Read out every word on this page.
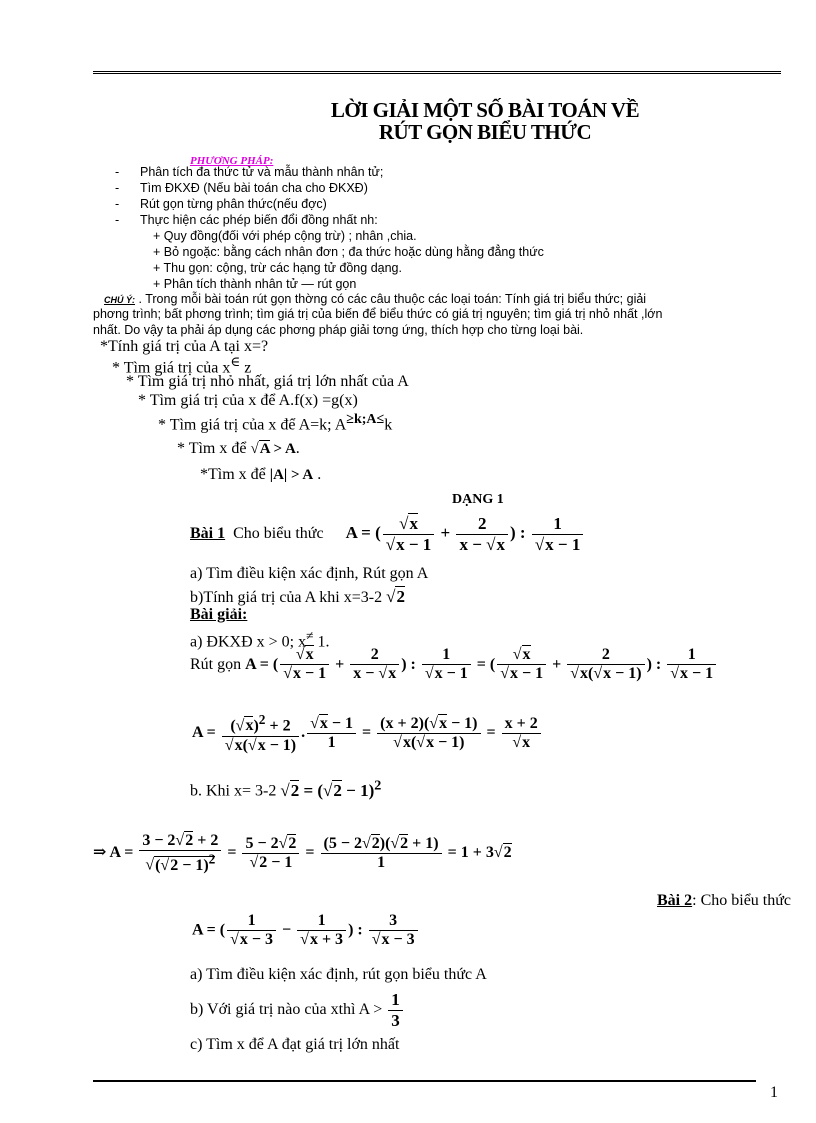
LỜI GIẢI MỘT SỐ BÀI TOÁN VỀ
RÚT GỌN BIỂU THỨC
PHƯƠNG PHÁP:
-      Phân tích đa thức tử và mẫu thành nhân tử;
-      Tìm ĐKXĐ (Nếu bài toán cha cho ĐKXĐ)
-      Rút gọn từng phân thức(nếu đợc)
-      Thực hiện các phép biến đổi đồng nhất nh:
+ Quy đồng(đối với phép cộng trừ) ; nhân ,chia.
+ Bỏ ngoặc: bằng cách nhân đơn ; đa thức hoặc dùng hằng đẳng thức
+ Thu gọn: cộng, trừ các hạng tử đồng dạng.
+ Phân tích thành nhân tử — rút gọn
CHÚ Ý: . Trong mỗi bài toán rút gọn thờng có các câu thuộc các loại toán: Tính giá trị biểu thức; giải
phơng trình; bất phơng trình; tìm giá trị của biến để biểu thức có giá trị nguyên; tìm giá trị nhỏ nhất ,lớn
nhất. Do vậy ta phải áp dụng các phơng pháp giải tơng ứng, thích hợp cho từng loại bài.
*Tính giá trị của A tại x=?
* Tìm giá trị của x∈ z
* Tìm giá trị nhỏ nhất, giá trị lớn nhất của A
* Tìm giá trị của x để A.f(x) =g(x)
* Tìm giá trị của x để A=k; $A^{\ge k;A\le}k$
* Tìm x để √A > A.
*Tìm x để |A| > A .
DẠNG 1
Bài 1 Cho biểu thức A = ( $\frac{√x}{√x - 1} + \frac{2}{x - √x}$ ) : $\frac{1}{√x - 1}$
a) Tìm điều kiện xác định, Rút gọn A
b)Tính giá trị của A khi x=3-2 √2
Bài giải:
a) ĐKXĐ x > 0; x≠ 1.
Rút gọn A = ( $\frac{√x}{√x - 1} + \frac{2}{x - √x}$ ) : $\frac{1}{√x - 1}$ = ( $\frac{√x}{√x - 1} + \frac{2}{√x(√x - 1)}$ ) : $\frac{1}{√x - 1}$
$A = \frac{(√x)^2 + 2}{√x(√x - 1)}$ . $\frac{√x - 1}{1} = \frac{(x + 2)(√x - 1)}{√x(√x - 1)} = \frac{x + 2}{√x}$
b. Khi x= 3-2 $√2 = (√2 - 1)^2$
⇒ $A = \frac{3 - 2√2 + 2}{√(√2 - 1)^2} = \frac{5 - 2√2}{√2 - 1} = \frac{(5 - 2√2)(√2 + 1)}{1} = 1 + 3√2$
Bài 2: Cho biểu thức
A = ( $\frac{1}{√x - 3} - \frac{1}{√x + 3}$ ) : $\frac{3}{√x - 3}$
a) Tìm điều kiện xác định, rút gọn biểu thức A
b) Với giá trị nào của xthì $A > \frac{1}{3}$
c) Tìm x để A đạt giá trị lớn nhất
1
